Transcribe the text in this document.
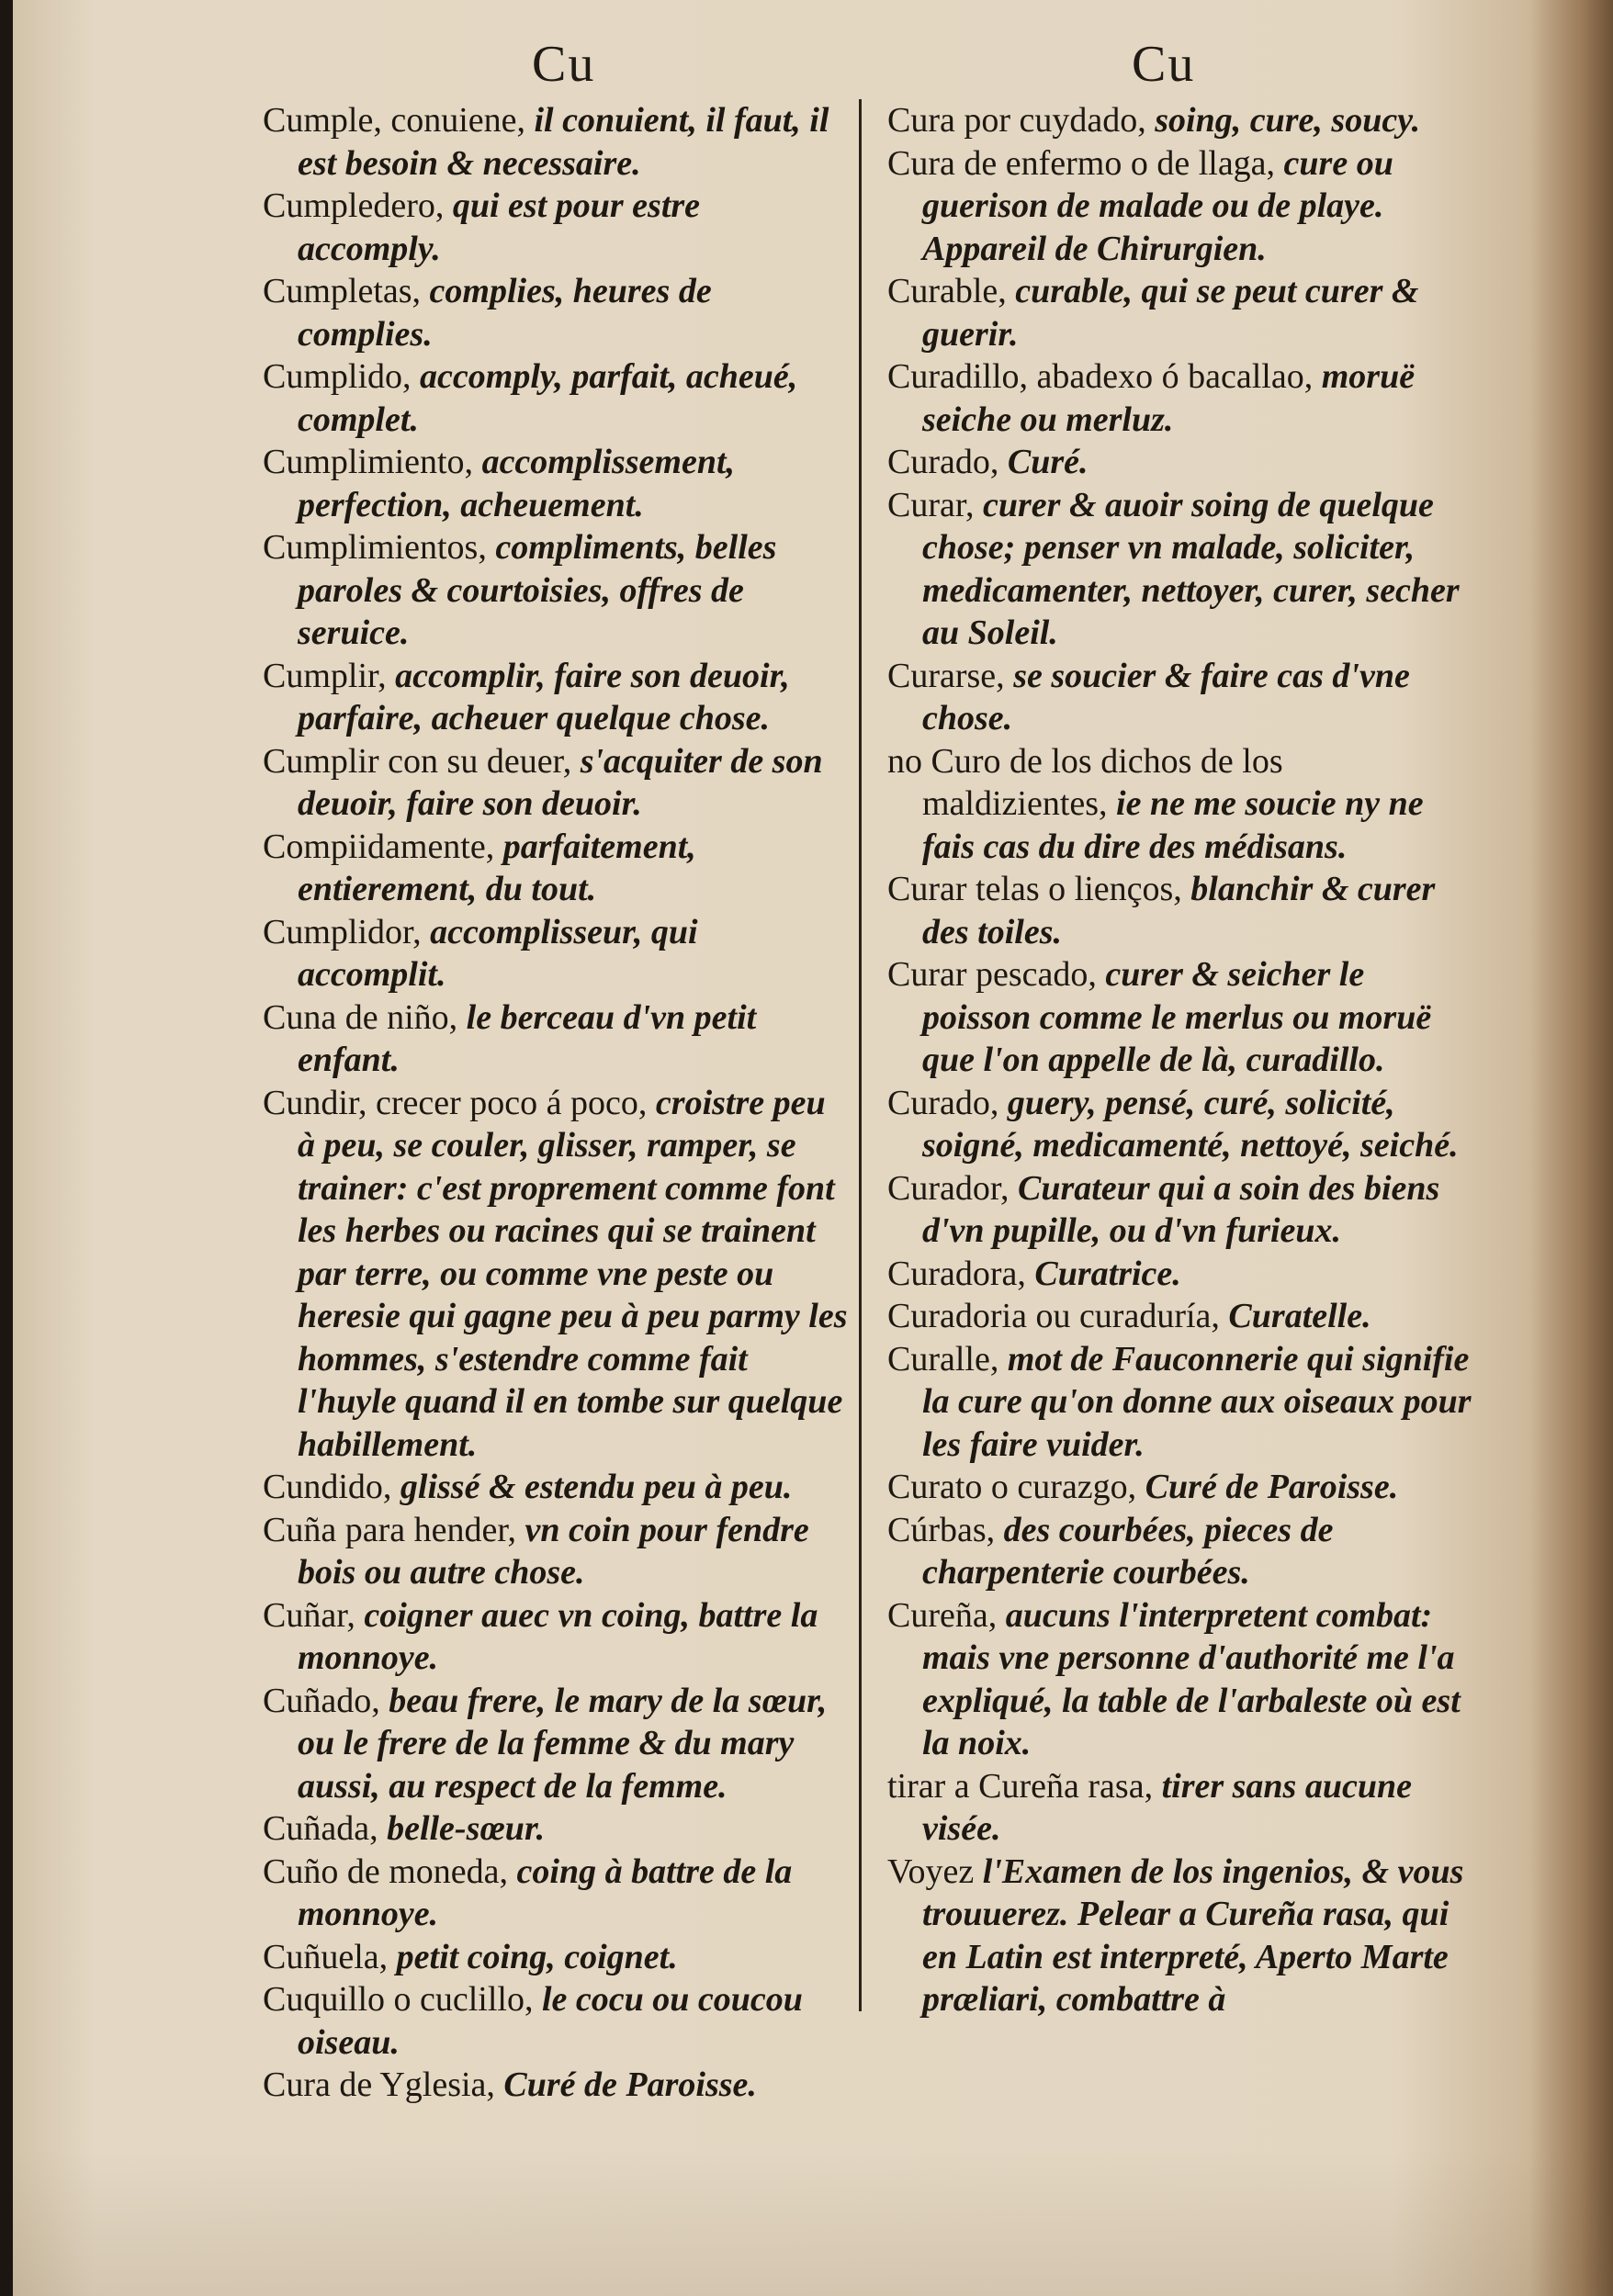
Cu	Cu

Cumple, conuiene, il conuient, il faut, il est besoin & necessaire.

Cumpledero, qui est pour estre accomply.

Cumpletas, complies, heures de complies.

Cumplido, accomply, parfait, acheué, complet.

Cumplimiento, accomplissement, perfection, acheuement.

Cumplimientos, compliments, belles paroles & courtoisies, offres de seruice.

Cumplir, accomplir, faire son deuoir, parfaire, acheuer quelque chose.

Cumplir con su deuer, s'acquiter de son deuoir, faire son deuoir.

Compiidamente, parfaitement, entierement, du tout.

Cumplidor, accomplisseur, qui accomplit.

Cuna de niño, le berceau d'vn petit enfant.

Cundir, crecer poco á poco, croistre peu à peu, se couler, glisser, ramper, se trainer: c'est proprement comme font les herbes ou racines qui se trainent par terre, ou comme vne peste ou heresie qui gagne peu à peu parmy les hommes, s'estendre comme fait l'huyle quand il en tombe sur quelque habillement.

Cundido, glissé & estendu peu à peu.

Cuña para hender, vn coin pour fendre bois ou autre chose.

Cuñar, coigner auec vn coing, battre la monnoye.

Cuñado, beau frere, le mary de la sœur, ou le frere de la femme & du mary aussi, au respect de la femme.

Cuñada, belle-sœur.

Cuño de moneda, coing à battre de la monnoye.

Cuñuela, petit coing, coignet.

Cuquillo o cuclillo, le cocu ou coucou oiseau.

Cura de Yglesia, Curé de Paroisse.

Cura por cuydado, soing, cure, soucy.

Cura de enfermo o de llaga, cure ou guerison de malade ou de playe. Appareil de Chirurgien.

Curable, curable, qui se peut curer & guerir.

Curadillo, abadexo ó bacallao, moruë seiche ou merluz.

Curado, Curé.

Curar, curer & auoir soing de quelque chose; penser vn malade, soliciter, medicamenter, nettoyer, curer, secher au Soleil.

Curarse, se soucier & faire cas d'vne chose.

no Curo de los dichos de los maldizientes, ie ne me soucie ny ne fais cas du dire des médisans.

Curar telas o lienços, blanchir & curer des toiles.

Curar pescado, curer & seicher le poisson comme le merlus ou moruë que l'on appelle de là, curadillo.

Curado, guery, pensé, curé, solicité, soigné, medicamenté, nettoyé, seiché.

Curador, Curateur qui a soin des biens d'vn pupille, ou d'vn furieux.

Curadora, Curatrice.

Curadoria ou curaduría, Curatelle.

Curalle, mot de Fauconnerie qui signifie la cure qu'on donne aux oiseaux pour les faire vuider.

Curato o curazgo, Curé de Paroisse.

Cúrbas, des courbées, pieces de charpenterie courbées.

Cureña, aucuns l'interpretent combat: mais vne personne d'authorité me l'a expliqué, la table de l'arbaleste où est la noix.

tirar a Cureña rasa, tirer sans aucune visée.

Voyez l'Examen de los ingenios, & vous trouuerez. Pelear a Cureña rasa, qui en Latin est interpreté, Aperto Marte præliari, combattre à
